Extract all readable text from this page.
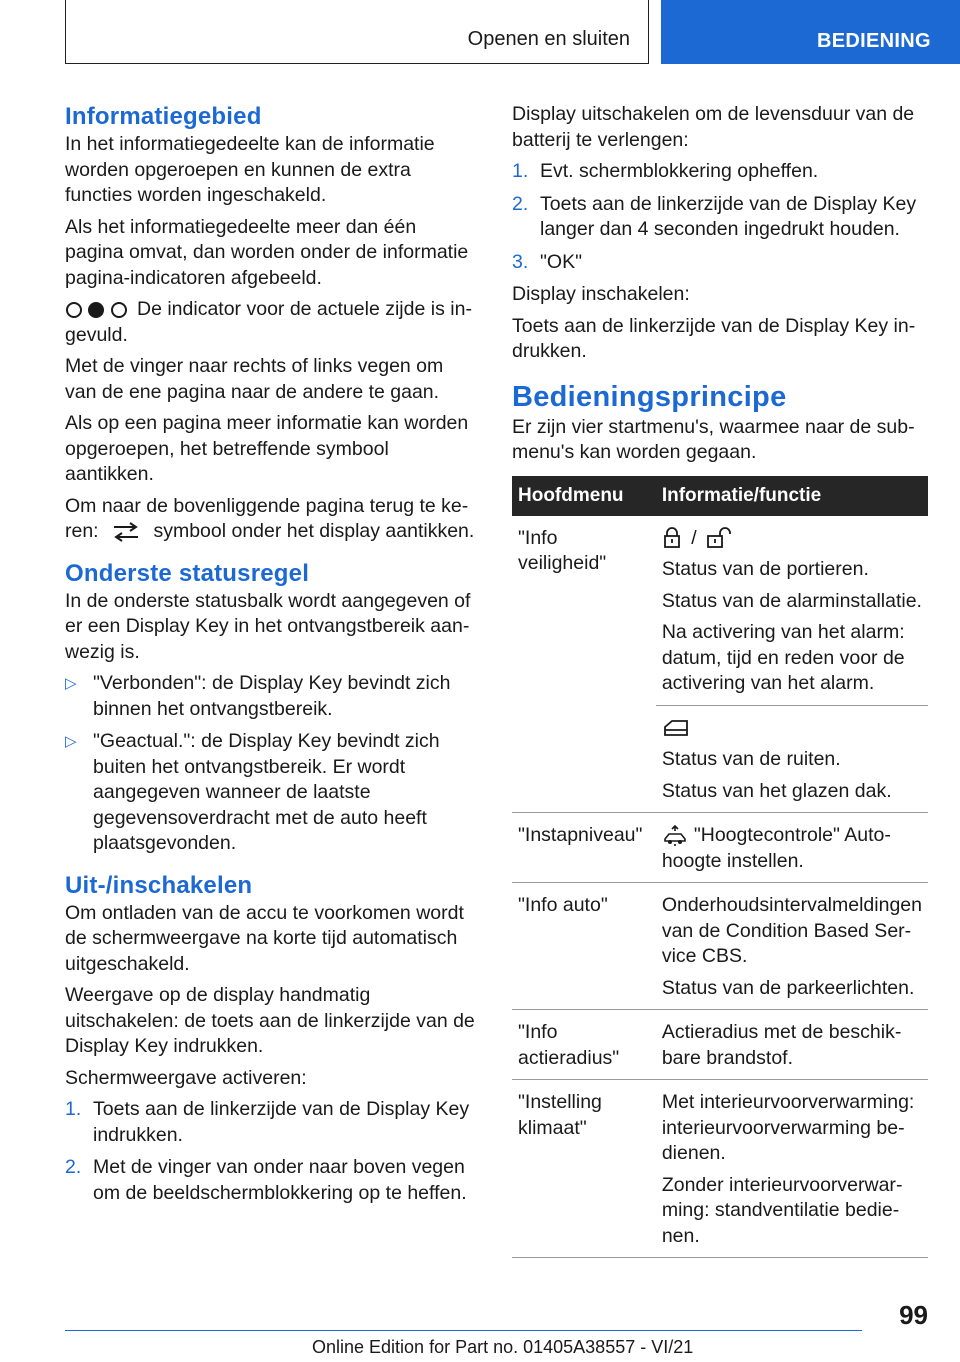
Openen en sluiten	BEDIENING
Informatiegebied

In het informatiegedeelte kan de informatie worden opgeroepen en kunnen de extra functies worden ingeschakeld.

Als het informatiegedeelte meer dan één pagina omvat, dan worden onder de informatie pagina-indicatoren afgebeeld.

De indicator voor de actuele zijde is ingevuld.

Met de vinger naar rechts of links vegen om van de ene pagina naar de andere te gaan.

Als op een pagina meer informatie kan worden opgeroepen, het betreffende symbool aantikken.

Om naar de bovenliggende pagina terug te keren:	symbool onder het display aantikken.

Onderste statusregel

In de onderste statusbalk wordt aangegeven of er een Display Key in het ontvangstbereik aanwezig is.

▷ "Verbonden": de Display Key bevindt zich binnen het ontvangstbereik.
▷ "Geactual.": de Display Key bevindt zich buiten het ontvangstbereik. Er wordt aangegeven wanneer de laatste gegevensoverdracht met de auto heeft plaatsgevonden.
Uit-/inschakelen

Om ontladen van de accu te voorkomen wordt de schermweergave na korte tijd automatisch uitgeschakeld.

Weergave op de display handmatig uitschakelen: de toets aan de linkerzijde van de Display Key indrukken.

Schermweergave activeren:

1. Toets aan de linkerzijde van de Display Key indrukken.
2. Met de vinger van onder naar boven vegen om de beeldschermblokkering op te heffen.

Display uitschakelen om de levensduur van de batterij te verlengen:

1. Evt. schermblokkering opheffen.
2. Toets aan de linkerzijde van de Display Key langer dan 4 seconden ingedrukt houden.
3. "OK"

Display inschakelen:

Toets aan de linkerzijde van de Display Key indrukken.

Bedieningsprincipe

Er zijn vier startmenu's, waarmee naar de submenu's kan worden gegaan.

Hoofdmenu	Informatie/functie
"Info veiligheid"	/

Status van de portieren.

Status van de alarminstallatie.

Na activering van het alarm: datum, tijd en reden voor de activering van het alarm.

	Status van de ruiten.

Status van het glazen dak.

"Instapniveau"	"Hoogtecontrole" Autohoogte instellen.
"Info auto"	Onderhoudsintervalmeldingen van de Condition Based Service CBS.

Status van de parkeerlichten.

"Info actieradius"	Actieradius met de beschikbare brandstof.

"Instelling klimaat"	Met interieurvoorverwarming: interieurvoorverwarming bedienen.

Zonder interieurvoorverwarming: standventilatie bedienen.

99
Online Edition for Part no. 01405A38557 - VI/21
